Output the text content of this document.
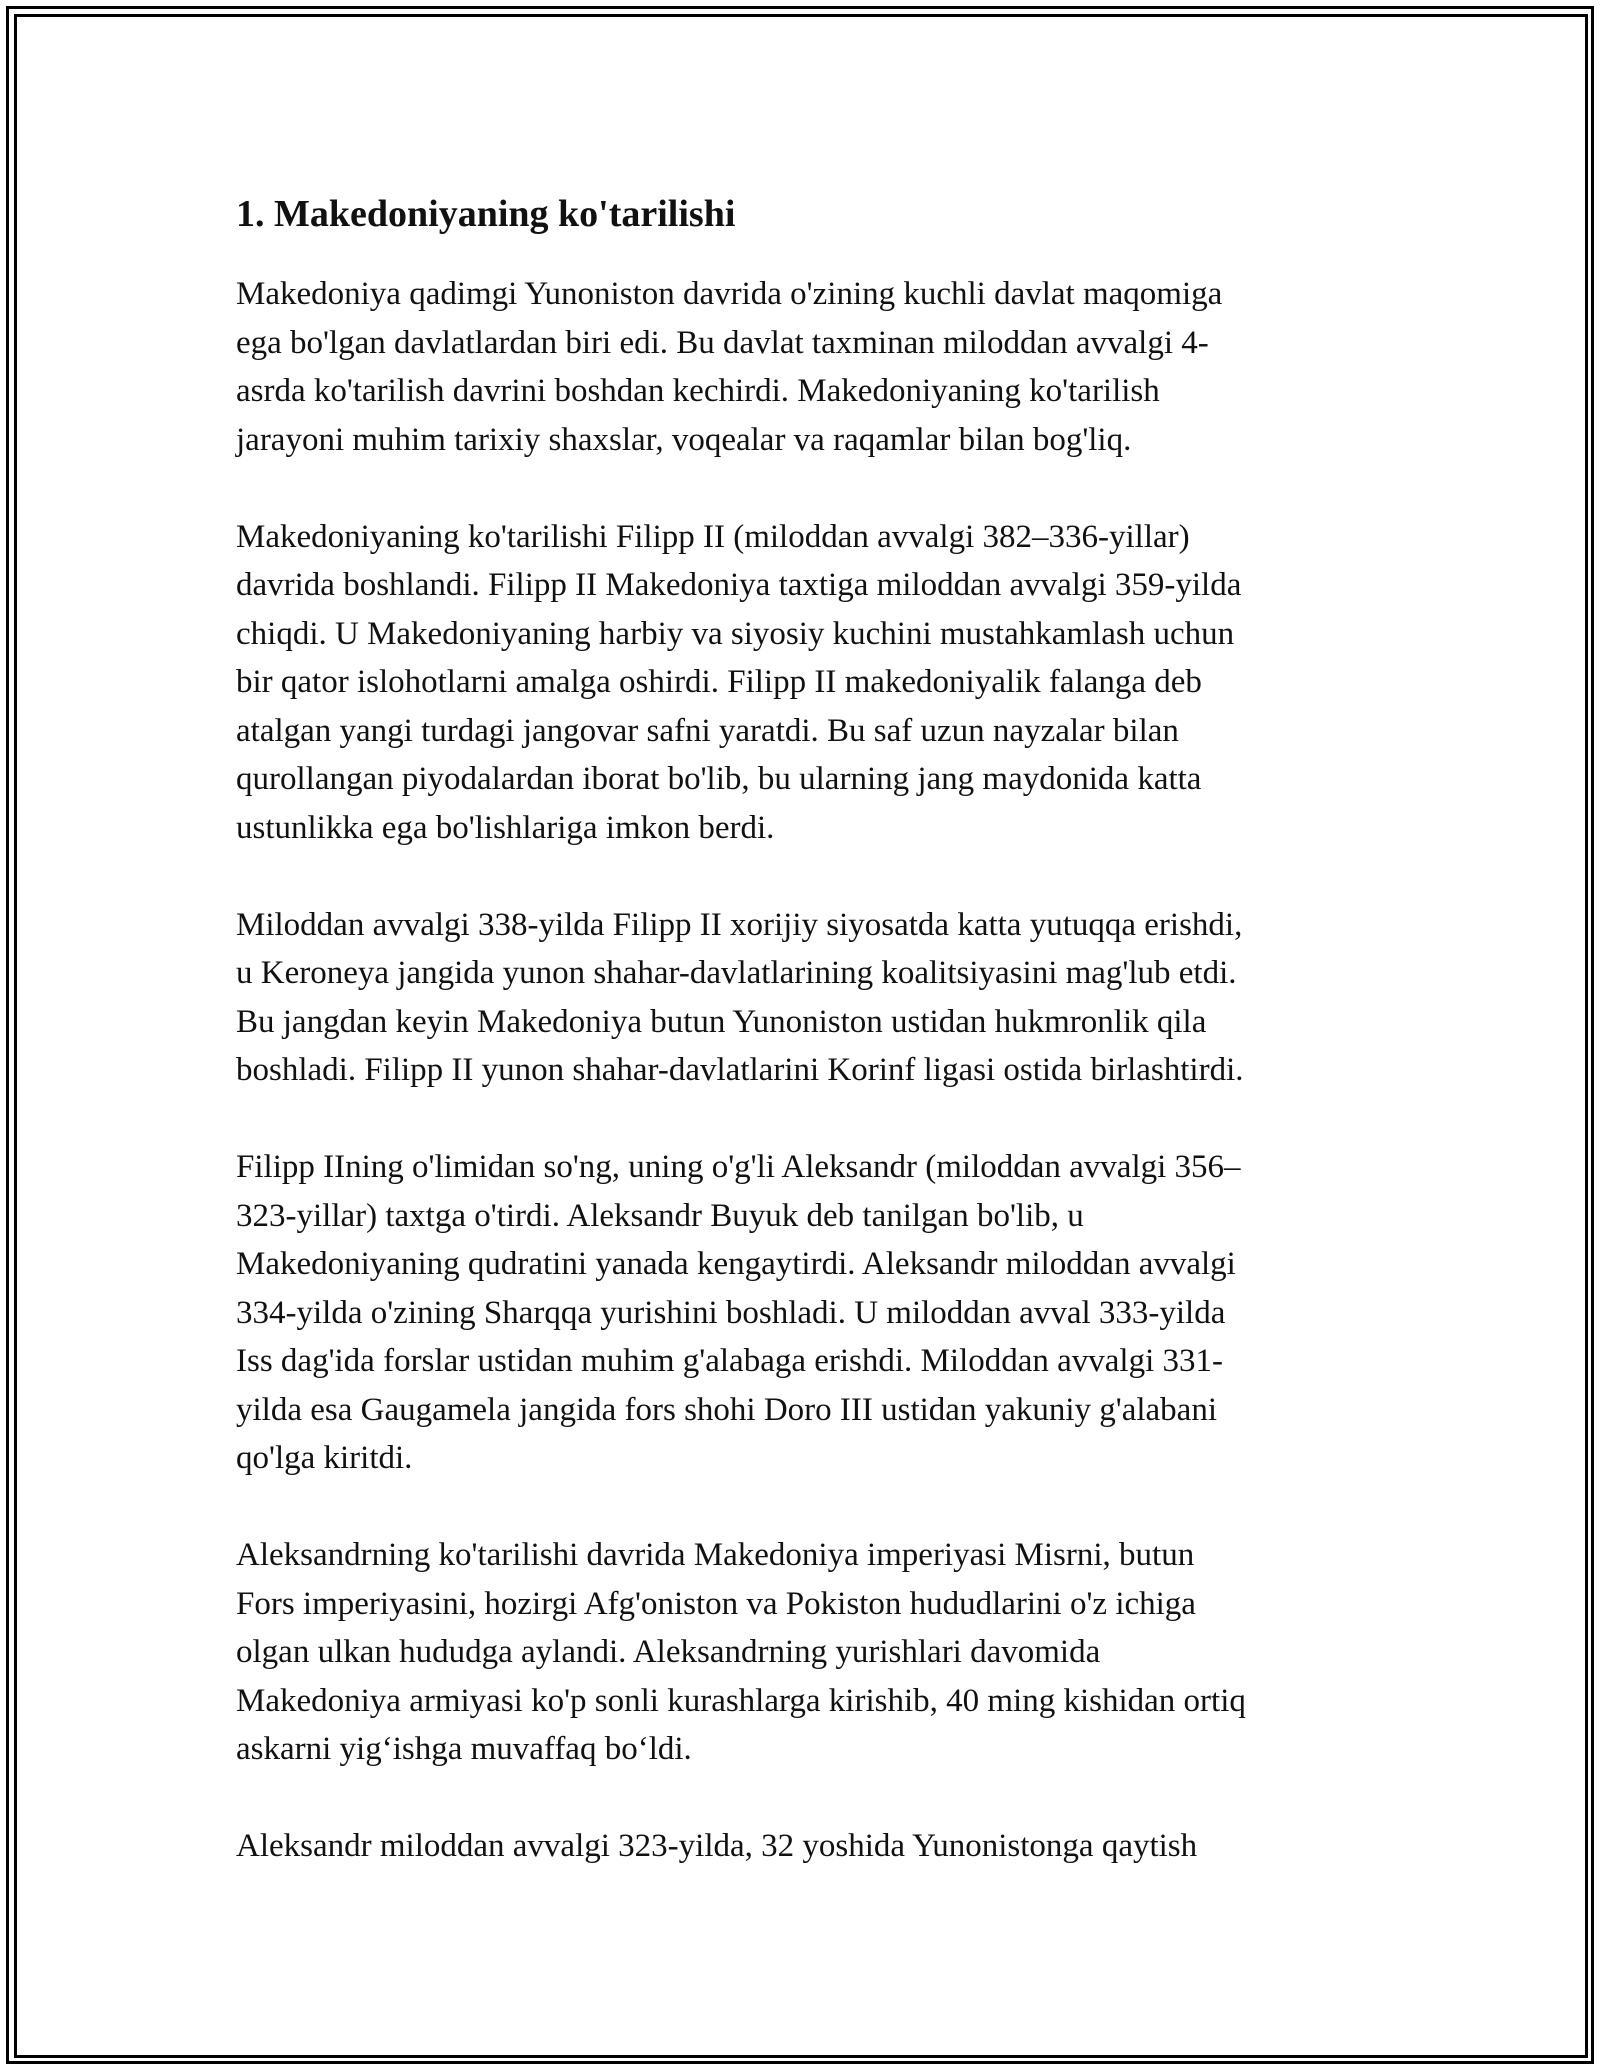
1. Makedoniyaning ko'tarilishi

Makedoniya qadimgi Yunoniston davrida o'zining kuchli davlat maqomiga
ega bo'lgan davlatlardan biri edi. Bu davlat taxminan miloddan avvalgi 4-
asrda ko'tarilish davrini boshdan kechirdi. Makedoniyaning ko'tarilish
jarayoni muhim tarixiy shaxslar, voqealar va raqamlar bilan bog'liq.

Makedoniyaning ko'tarilishi Filipp II (miloddan avvalgi 382–336-yillar)
davrida boshlandi. Filipp II Makedoniya taxtiga miloddan avvalgi 359-yilda
chiqdi. U Makedoniyaning harbiy va siyosiy kuchini mustahkamlash uchun
bir qator islohotlarni amalga oshirdi. Filipp II makedoniyalik falanga deb
atalgan yangi turdagi jangovar safni yaratdi. Bu saf uzun nayzalar bilan
qurollangan piyodalardan iborat bo'lib, bu ularning jang maydonida katta
ustunlikka ega bo'lishlariga imkon berdi.

Miloddan avvalgi 338-yilda Filipp II xorijiy siyosatda katta yutuqqa erishdi,
u Keroneya jangida yunon shahar-davlatlarining koalitsiyasini mag'lub etdi.
Bu jangdan keyin Makedoniya butun Yunoniston ustidan hukmronlik qila
boshladi. Filipp II yunon shahar-davlatlarini Korinf ligasi ostida birlashtirdi.

Filipp IIning o'limidan so'ng, uning o'g'li Aleksandr (miloddan avvalgi 356–
323-yillar) taxtga o'tirdi. Aleksandr Buyuk deb tanilgan bo'lib, u
Makedoniyaning qudratini yanada kengaytirdi. Aleksandr miloddan avvalgi
334-yilda o'zining Sharqqa yurishini boshladi. U miloddan avval 333-yilda
Iss dag'ida forslar ustidan muhim g'alabaga erishdi. Miloddan avvalgi 331-
yilda esa Gaugamela jangida fors shohi Doro III ustidan yakuniy g'alabani
qo'lga kiritdi.

Aleksandrning ko'tarilishi davrida Makedoniya imperiyasi Misrni, butun
Fors imperiyasini, hozirgi Afg'oniston va Pokiston hududlarini o'z ichiga
olgan ulkan hududga aylandi. Aleksandrning yurishlari davomida
Makedoniya armiyasi ko'p sonli kurashlarga kirishib, 40 ming kishidan ortiq
askarni yig‘ishga muvaffaq bo‘ldi.

Aleksandr miloddan avvalgi 323-yilda, 32 yoshida Yunonistonga qaytish
